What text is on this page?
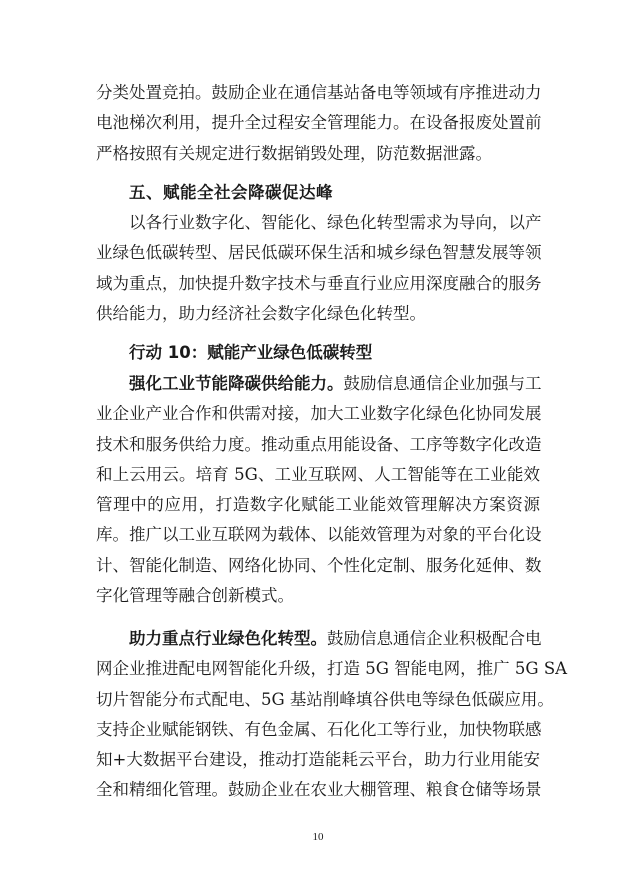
分类处置竞拍。鼓励企业在通信基站备电等领域有序推进动力
电池梯次利用，提升全过程安全管理能力。在设备报废处置前
严格按照有关规定进行数据销毁处理，防范数据泄露。
五、赋能全社会降碳促达峰
以各行业数字化、智能化、绿色化转型需求为导向，以产
业绿色低碳转型、居民低碳环保生活和城乡绿色智慧发展等领
域为重点，加快提升数字技术与垂直行业应用深度融合的服务
供给能力，助力经济社会数字化绿色化转型。
行动 10：赋能产业绿色低碳转型
强化工业节能降碳供给能力。鼓励信息通信企业加强与工
业企业产业合作和供需对接，加大工业数字化绿色化协同发展
技术和服务供给力度。推动重点用能设备、工序等数字化改造
和上云用云。培育 5G、工业互联网、人工智能等在工业能效
管理中的应用，打造数字化赋能工业能效管理解决方案资源
库。推广以工业互联网为载体、以能效管理为对象的平台化设
计、智能化制造、网络化协同、个性化定制、服务化延伸、数
字化管理等融合创新模式。
助力重点行业绿色化转型。鼓励信息通信企业积极配合电
网企业推进配电网智能化升级，打造 5G 智能电网，推广 5G SA
切片智能分布式配电、5G 基站削峰填谷供电等绿色低碳应用。
支持企业赋能钢铁、有色金属、石化化工等行业，加快物联感
知+大数据平台建设，推动打造能耗云平台，助力行业用能安
全和精细化管理。鼓励企业在农业大棚管理、粮食仓储等场景
10
